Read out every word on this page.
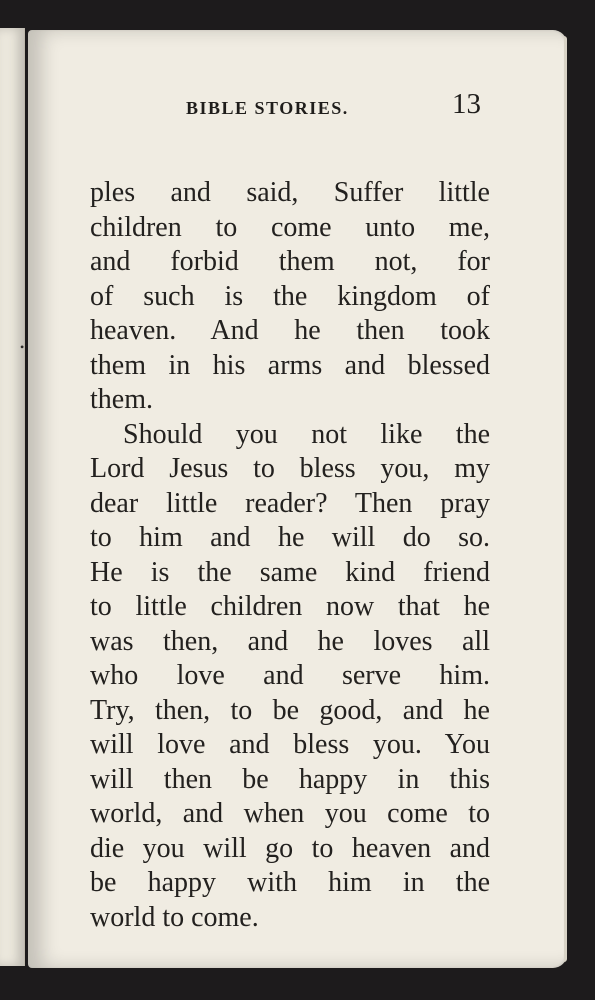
•
BIBLE STORIES.	13
ples and said, Suffer little
children to come unto me,
and forbid them not, for
of such is the kingdom of
heaven. And he then took
them in his arms and blessed
them.
Should you not like the
Lord Jesus to bless you, my
dear little reader? Then pray
to him and he will do so.
He is the same kind friend
to little children now that he
was then, and he loves all
who love and serve him.
Try, then, to be good, and he
will love and bless you. You
will then be happy in this
world, and when you come to
die you will go to heaven and
be happy with him in the
world to come.
